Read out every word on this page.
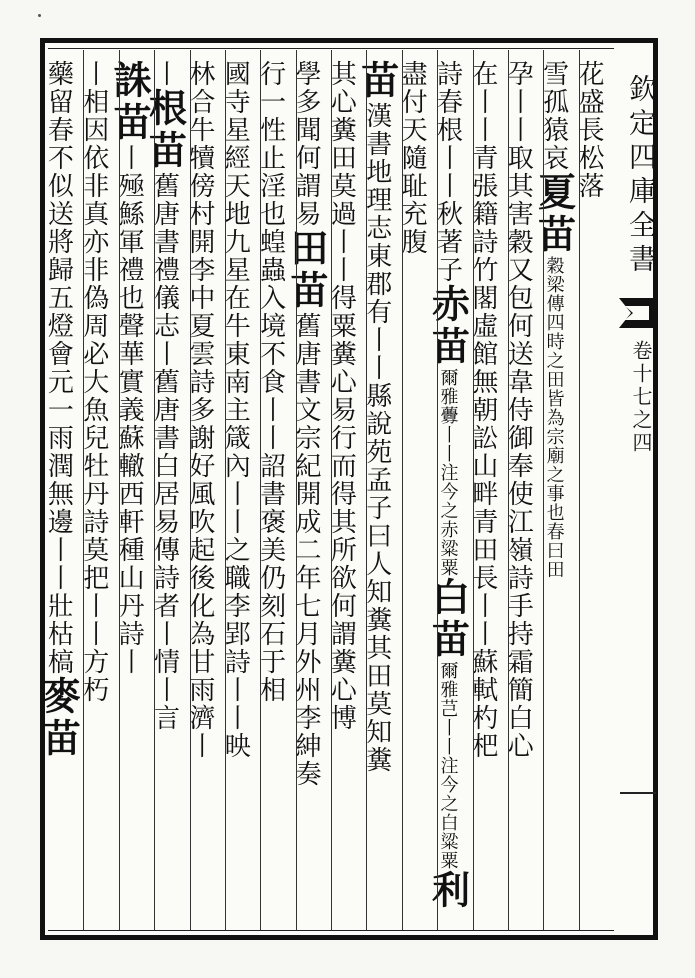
欽定四庫全書
卷十七之四
花盛長松落
雪孤猿哀夏苗穀梁傳四時之田皆為宗廟之事也春曰田
孕丨丨取其害穀又包何送韋侍御奉使江嶺詩手持霜簡白心
在丨丨青張籍詩竹閣虛館無朝訟山畔青田長丨丨蘇軾杓杷
詩春根丨丨秋著子赤苗爾雅虋丨丨注今之赤粱粟白苗爾雅芑丨丨注今之白粱粟利
盡付天隨耻充腹
苗漢書地理志東郡有丨丨縣說苑孟子曰人知糞其田莫知糞
其心糞田莫過丨丨得粟糞心易行而得其所欲何謂糞心博
學多聞何謂易田苗舊唐書文宗紀開成二年七月外州李紳奏
行一性止淫也蝗蟲入境不食丨丨詔書褒美仍刻石于相
國寺星經天地九星在牛東南主箴內丨丨之職李郢詩丨丨映
林合牛犢傍村開李中夏雲詩多謝好風吹起後化為甘雨濟丨
丨根苗舊唐書禮儀志丨舊唐書白居易傳詩者丨情丨言
誅苗丨殛鯀軍禮也聲華實義蘇轍西軒種山丹詩丨
丨相因依非真亦非偽周必大魚兒牡丹詩莫把丨丨方朽
藥留春不似送將歸五燈會元一雨潤無邊丨丨壯枯槁麥苗
